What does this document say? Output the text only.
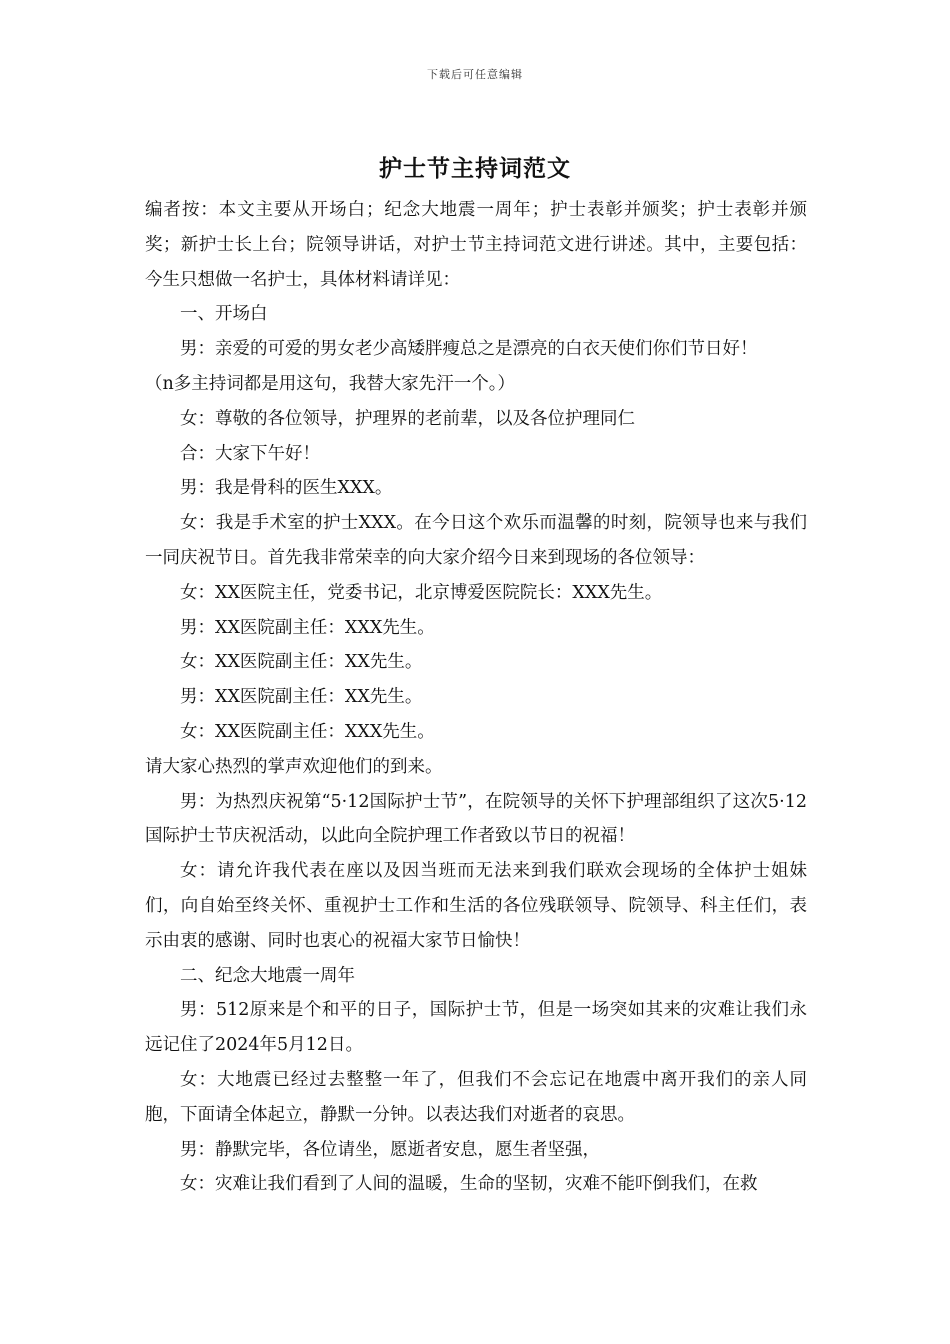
下载后可任意编辑
护士节主持词范文

编者按：本文主要从开场白；纪念大地震一周年；护士表彰并颁奖；护士表彰并颁奖；新护士长上台；院领导讲话，对护士节主持词范文进行讲述。其中，主要包括：今生只想做一名护士，具体材料请详见：

一、开场白

男：亲爱的可爱的男女老少高矮胖瘦总之是漂亮的白衣天使们你们节日好！

（n多主持词都是用这句，我替大家先汗一个。）

女：尊敬的各位领导，护理界的老前辈，以及各位护理同仁

合：大家下午好！

男：我是骨科的医生XXX。

女：我是手术室的护士XXX。在今日这个欢乐而温馨的时刻，院领导也来与我们一同庆祝节日。首先我非常荣幸的向大家介绍今日来到现场的各位领导：

女：XX医院主任，党委书记，北京博爱医院院长：XXX先生。

男：XX医院副主任：XXX先生。

女：XX医院副主任：XX先生。

男：XX医院副主任：XX先生。

女：XX医院副主任：XXX先生。

请大家心热烈的掌声欢迎他们的到来。

男：为热烈庆祝第“5·12国际护士节”，在院领导的关怀下护理部组织了这次5·12国际护士节庆祝活动，以此向全院护理工作者致以节日的祝福！

女：请允许我代表在座以及因当班而无法来到我们联欢会现场的全体护士姐妹们，向自始至终关怀、重视护士工作和生活的各位残联领导、院领导、科主任们，表示由衷的感谢、同时也衷心的祝福大家节日愉快！

二、纪念大地震一周年

男：512原来是个和平的日子，国际护士节，但是一场突如其来的灾难让我们永远记住了2024年5月12日。

女：大地震已经过去整整一年了，但我们不会忘记在地震中离开我们的亲人同胞，下面请全体起立，静默一分钟。以表达我们对逝者的哀思。

男：静默完毕，各位请坐，愿逝者安息，愿生者坚强，

女：灾难让我们看到了人间的温暖，生命的坚韧，灾难不能吓倒我们，在救
